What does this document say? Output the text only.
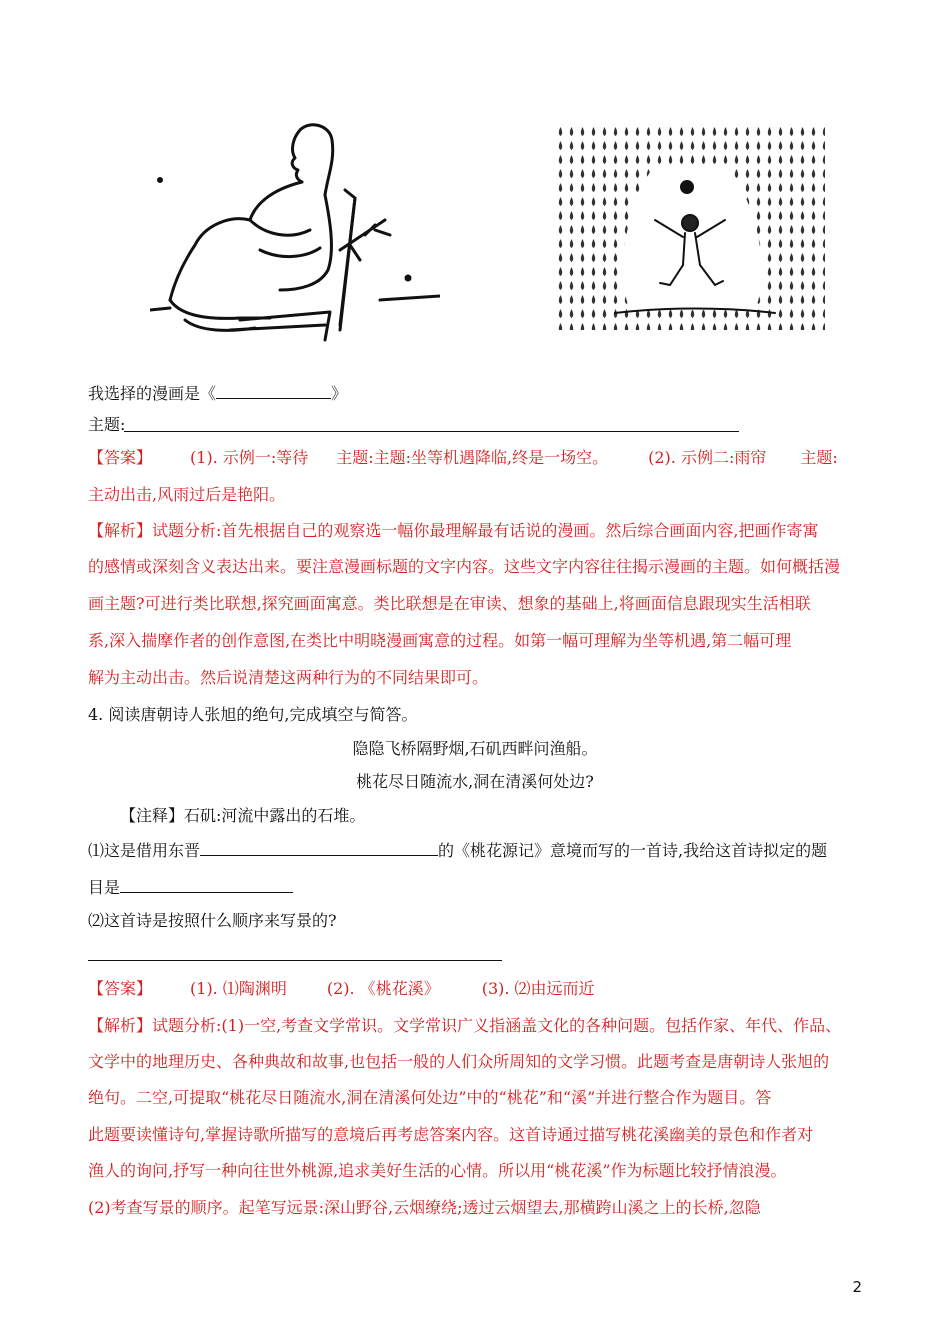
我选择的漫画是《	》
主题:
【答案】 (1). 示例一:等待 主题:主题:坐等机遇降临,终是一场空。	(2). 示例二:雨帘 主题:
主动出击,风雨过后是艳阳。
【解析】试题分析:首先根据自己的观察选一幅你最理解最有话说的漫画。然后综合画面内容,把画作寄寓
的感情或深刻含义表达出来。要注意漫画标题的文字内容。这些文字内容往往揭示漫画的主题。如何概括漫
画主题?可进行类比联想,探究画面寓意。类比联想是在审读、想象的基础上,将画面信息跟现实生活相联
系,深入揣摩作者的创作意图,在类比中明晓漫画寓意的过程。如第一幅可理解为坐等机遇,第二幅可理
解为主动出击。然后说清楚这两种行为的不同结果即可。
4. 阅读唐朝诗人张旭的绝句,完成填空与简答。
隐隐飞桥隔野烟,石矶西畔问渔船。
桃花尽日随流水,洞在清溪何处边?
【注释】石矶:河流中露出的石堆。
⑴这是借用东晋	的《桃花源记》意境而写的一首诗,我给这首诗拟定的题
目是
⑵这首诗是按照什么顺序来写景的?
【答案】 (1). ⑴陶渊明	(2). 《桃花溪》	(3). ⑵由远而近
【解析】试题分析:(1)一空,考查文学常识。文学常识广义指涵盖文化的各种问题。包括作家、年代、作品、
文学中的地理历史、各种典故和故事,也包括一般的人们众所周知的文学习惯。此题考查是唐朝诗人张旭的
绝句。二空,可提取“桃花尽日随流水,洞在清溪何处边”中的“桃花”和“溪”并进行整合作为题目。答
此题要读懂诗句,掌握诗歌所描写的意境后再考虑答案内容。这首诗通过描写桃花溪幽美的景色和作者对
渔人的询问,抒写一种向往世外桃源,追求美好生活的心情。所以用“桃花溪”作为标题比较抒情浪漫。
(2)考查写景的顺序。起笔写远景:深山野谷,云烟缭绕;透过云烟望去,那横跨山溪之上的长桥,忽隐
2
